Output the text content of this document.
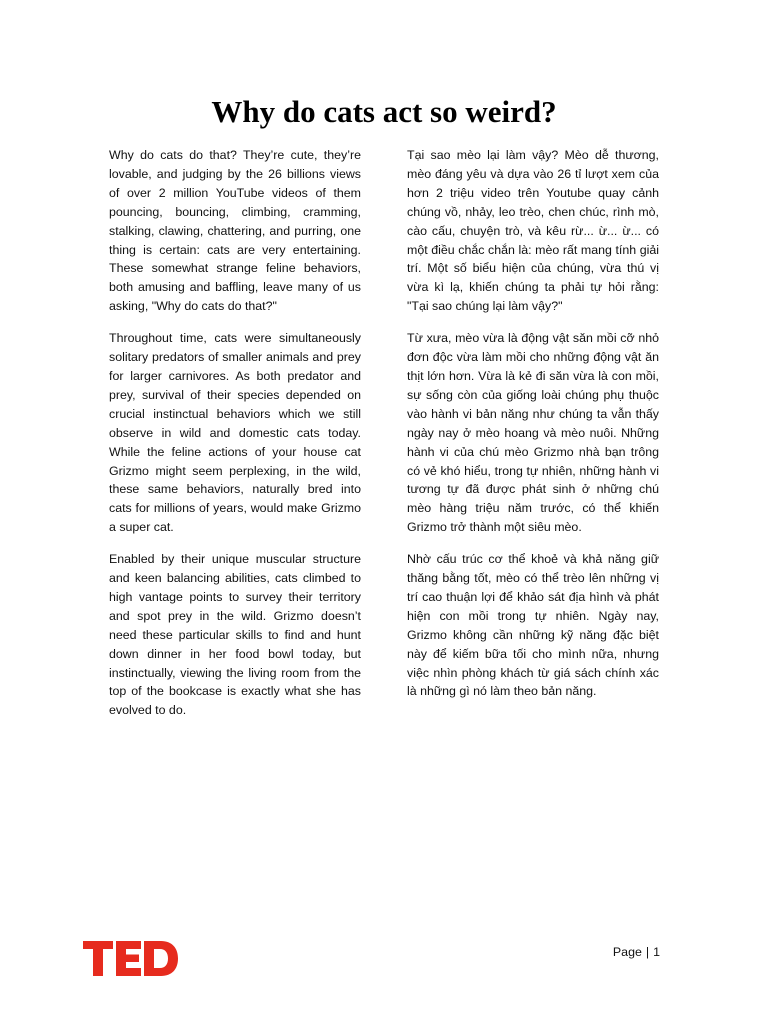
Why do cats act so weird?

Why do cats do that? They’re cute, they’re lovable, and judging by the 26 billions views of over 2 million YouTube videos of them pouncing, bouncing, climbing, cramming, stalking, clawing, chattering, and purring, one thing is certain: cats are very entertaining. These somewhat strange feline behaviors, both amusing and baffling, leave many of us asking, "Why do cats do that?"

Throughout time, cats were simultaneously solitary predators of smaller animals and prey for larger carnivores. As both predator and prey, survival of their species depended on crucial instinctual behaviors which we still observe in wild and domestic cats today. While the feline actions of your house cat Grizmo might seem perplexing, in the wild, these same behaviors, naturally bred into cats for millions of years, would make Grizmo a super cat.

Enabled by their unique muscular structure and keen balancing abilities, cats climbed to high vantage points to survey their territory and spot prey in the wild. Grizmo doesn’t need these particular skills to find and hunt down dinner in her food bowl today, but instinctually, viewing the living room from the top of the bookcase is exactly what she has evolved to do.

Tại sao mèo lại làm vậy? Mèo dễ thương, mèo đáng yêu và dựa vào 26 tỉ lượt xem của hơn 2 triệu video trên Youtube quay cảnh chúng vồ, nhảy, leo trèo, chen chúc, rình mò, cào cấu, chuyện trò, và kêu rừ... ừ... ừ... có một điều chắc chắn là: mèo rất mang tính giải trí. Một số biểu hiện của chúng, vừa thú vị vừa kì lạ, khiến chúng ta phải tự hỏi rằng: "Tại sao chúng lại làm vậy?"

Từ xưa, mèo vừa là động vật săn mồi cỡ nhỏ đơn độc vừa làm mồi cho những động vật ăn thịt lớn hơn. Vừa là kẻ đi săn vừa là con mồi, sự sống còn của giống loài chúng phụ thuộc vào hành vi bản năng như chúng ta vẫn thấy ngày nay ở mèo hoang và mèo nuôi. Những hành vi của chú mèo Grizmo nhà bạn trông có vẻ khó hiểu, trong tự nhiên, những hành vi tương tự đã được phát sinh ở những chú mèo hàng triệu năm trước, có thể khiến Grizmo trở thành một siêu mèo.

Nhờ cấu trúc cơ thể khoẻ và khả năng giữ thăng bằng tốt, mèo có thể trèo lên những vị trí cao thuận lợi để khảo sát địa hình và phát hiện con mồi trong tự nhiên. Ngày nay, Grizmo không cần những kỹ năng đặc biệt này để kiếm bữa tối cho mình nữa, nhưng việc nhìn phòng khách từ giá sách chính xác là những gì nó làm theo bản năng.

Page | 1
